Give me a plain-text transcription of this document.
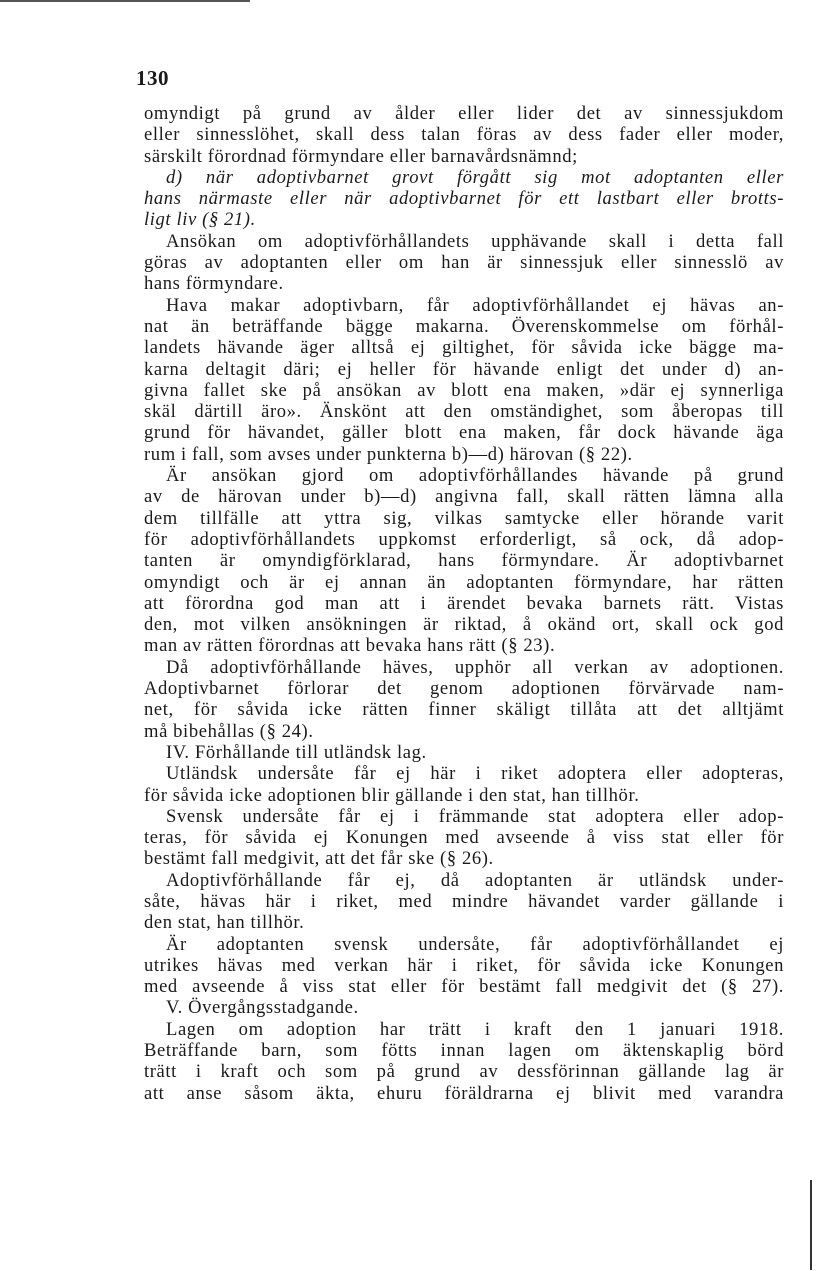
130
omyndigt på grund av ålder eller lider det av sinnessjukdom
eller sinnesslöhet, skall dess talan föras av dess fader eller moder,
särskilt förordnad förmyndare eller barnavårdsnämnd;
d) när adoptivbarnet grovt förgått sig mot adoptanten eller
hans närmaste eller när adoptivbarnet för ett lastbart eller brotts-
ligt liv (§ 21).
Ansökan om adoptivförhållandets upphävande skall i detta fall
göras av adoptanten eller om han är sinnessjuk eller sinnesslö av
hans förmyndare.
Hava makar adoptivbarn, får adoptivförhållandet ej hävas an-
nat än beträffande bägge makarna. Överenskommelse om förhål-
landets hävande äger alltså ej giltighet, för såvida icke bägge ma-
karna deltagit däri; ej heller för hävande enligt det under d) an-
givna fallet ske på ansökan av blott ena maken, »där ej synnerliga
skäl därtill äro». Änskönt att den omständighet, som åberopas till
grund för hävandet, gäller blott ena maken, får dock hävande äga
rum i fall, som avses under punkterna b)—d) härovan (§ 22).
Är ansökan gjord om adoptivförhållandes hävande på grund
av de härovan under b)—d) angivna fall, skall rätten lämna alla
dem tillfälle att yttra sig, vilkas samtycke eller hörande varit
för adoptivförhållandets uppkomst erforderligt, så ock, då adop-
tanten är omyndigförklarad, hans förmyndare. Är adoptivbarnet
omyndigt och är ej annan än adoptanten förmyndare, har rätten
att förordna god man att i ärendet bevaka barnets rätt. Vistas
den, mot vilken ansökningen är riktad, å okänd ort, skall ock god
man av rätten förordnas att bevaka hans rätt (§ 23).
Då adoptivförhållande häves, upphör all verkan av adoptionen.
Adoptivbarnet förlorar det genom adoptionen förvärvade nam-
net, för såvida icke rätten finner skäligt tillåta att det alltjämt
må bibehållas (§ 24).
IV. Förhållande till utländsk lag.
Utländsk undersåte får ej här i riket adoptera eller adopteras,
för såvida icke adoptionen blir gällande i den stat, han tillhör.
Svensk undersåte får ej i främmande stat adoptera eller adop-
teras, för såvida ej Konungen med avseende å viss stat eller för
bestämt fall medgivit, att det får ske (§ 26).
Adoptivförhållande får ej, då adoptanten är utländsk under-
såte, hävas här i riket, med mindre hävandet varder gällande i
den stat, han tillhör.
Är adoptanten svensk undersåte, får adoptivförhållandet ej
utrikes hävas med verkan här i riket, för såvida icke Konungen
med avseende å viss stat eller för bestämt fall medgivit det (§ 27).
V. Övergångsstadgande.
Lagen om adoption har trätt i kraft den 1 januari 1918.
Beträffande barn, som fötts innan lagen om äktenskaplig börd
trätt i kraft och som på grund av dessförinnan gällande lag är
att anse såsom äkta, ehuru föräldrarna ej blivit med varandra
